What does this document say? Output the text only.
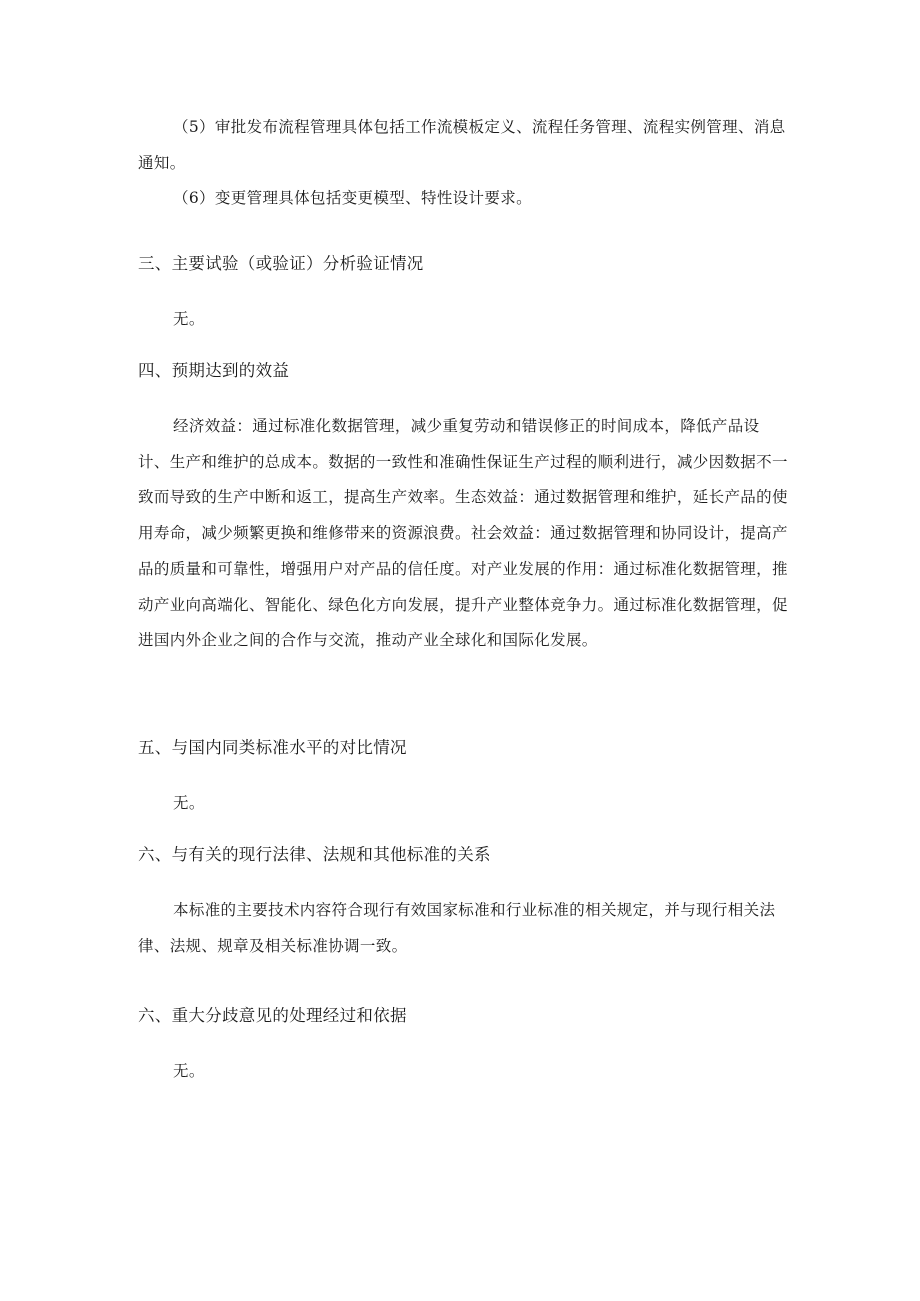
（5）审批发布流程管理具体包括工作流模板定义、流程任务管理、流程实例管理、消息通知。

（6）变更管理具体包括变更模型、特性设计要求。

三、主要试验（或验证）分析验证情况

无。

四、预期达到的效益

经济效益：通过标准化数据管理，减少重复劳动和错误修正的时间成本，降低产品设计、生产和维护的总成本。数据的一致性和准确性保证生产过程的顺利进行，减少因数据不一致而导致的生产中断和返工，提高生产效率。生态效益：通过数据管理和维护，延长产品的使用寿命，减少频繁更换和维修带来的资源浪费。社会效益：通过数据管理和协同设计，提高产品的质量和可靠性，增强用户对产品的信任度。对产业发展的作用：通过标准化数据管理，推动产业向高端化、智能化、绿色化方向发展，提升产业整体竞争力。通过标准化数据管理，促进国内外企业之间的合作与交流，推动产业全球化和国际化发展。

五、与国内同类标准水平的对比情况

无。

六、与有关的现行法律、法规和其他标准的关系

本标准的主要技术内容符合现行有效国家标准和行业标准的相关规定，并与现行相关法律、法规、规章及相关标准协调一致。

六、重大分歧意见的处理经过和依据

无。
